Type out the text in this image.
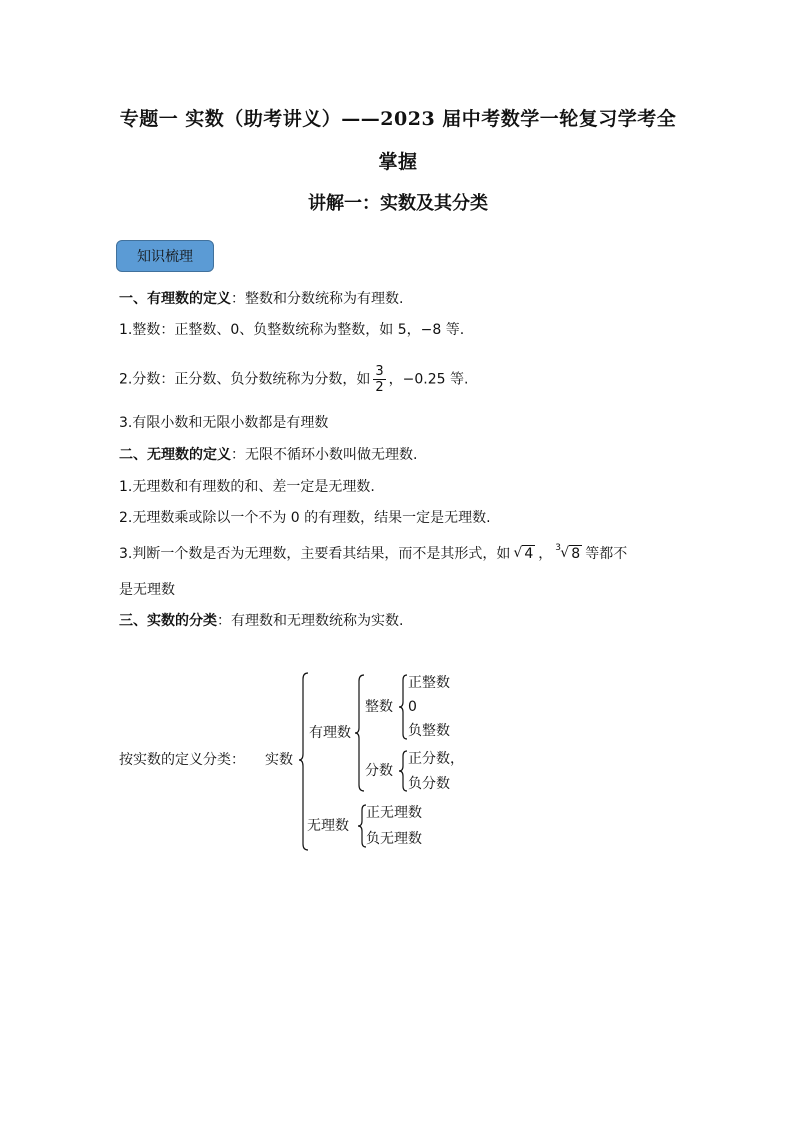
专题一 实数（助考讲义）——2023 届中考数学一轮复习学考全
掌握
讲解一：实数及其分类
知识梳理
一、有理数的定义：整数和分数统称为有理数.
1.整数：正整数、0、负整数统称为整数，如 5，−8 等.
2.分数：正分数、负分数统称为分数，如 $\frac{3}{2}$ ，−0.25 等.
3.有限小数和无限小数都是有理数
二、无理数的定义：无限不循环小数叫做无理数.
1.无理数和有理数的和、差一定是无理数.
2.无理数乘或除以一个不为 0 的有理数，结果一定是无理数.
3.判断一个数是否为无理数，主要看其结果，而不是其形式，如 √ 4 ， 3 √ 8 等都不
是无理数
三、实数的分类：有理数和无理数统称为实数.
按实数的定义分类： 实数
有理数
整数
正整数
0
负整数
分数
正分数，
负分数
无理数
正无理数
负无理数
